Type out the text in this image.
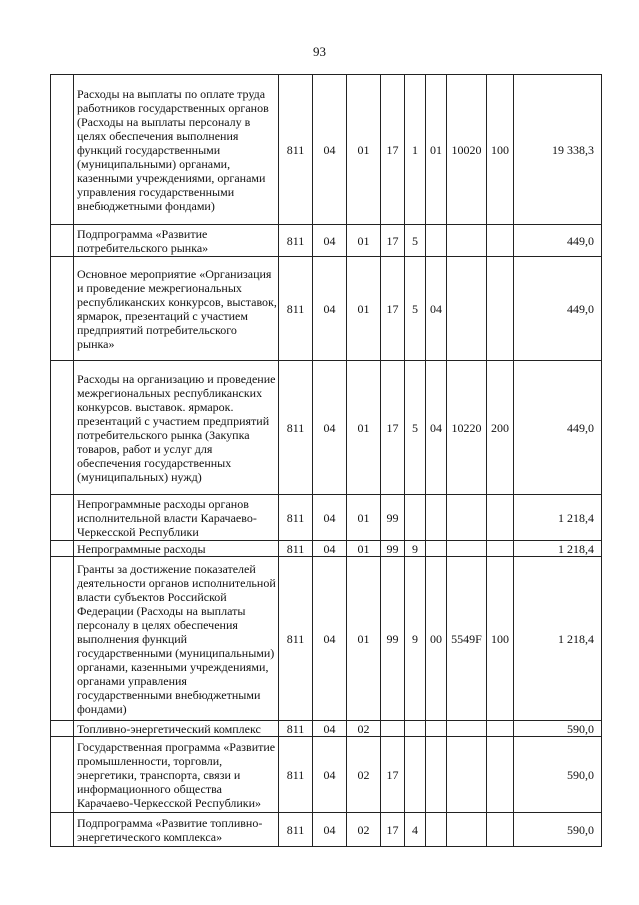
93
	Расходы на выплаты по оплате труда работников государственных органов (Расходы на выплаты персоналу в целях обеспечения выполнения функций государственными (муниципальными) органами, казенными учреждениями, органами управления государственными внебюджетными фондами)	811	04	01	17	1	01	10020	100	19 338,3
	Подпрограмма «Развитие потребительского рынка»	811	04	01	17	5				449,0
	Основное мероприятие «Организация и проведение межрегиональных республиканских конкурсов, выставок, ярмарок, презентаций с участием предприятий потребительского рынка»	811	04	01	17	5	04			449,0
	Расходы на организацию и проведение межрегиональных республиканских конкурсов. выставок. ярмарок. презентаций с участием предприятий потребительского рынка (Закупка товаров, работ и услуг для обеспечения государственных (муниципальных) нужд)	811	04	01	17	5	04	10220	200	449,0
	Непрограммные расходы органов исполнительной власти Карачаево-Черкесской Республики	811	04	01	99					1 218,4
	Непрограммные расходы	811	04	01	99	9				1 218,4
	Гранты за достижение показателей деятельности органов исполнительной власти субъектов Российской Федерации (Расходы на выплаты персоналу в целях обеспечения выполнения функций государственными (муниципальными) органами, казенными учреждениями, органами управления государственными внебюджетными фондами)	811	04	01	99	9	00	5549F	100	1 218,4
	Топливно-энергетический комплекс	811	04	02						590,0
	Государственная программа «Развитие промышленности, торговли, энергетики, транспорта, связи и информационного общества Карачаево-Черкесской Республики»	811	04	02	17					590,0
	Подпрограмма «Развитие топливно-энергетического комплекса»	811	04	02	17	4				590,0
